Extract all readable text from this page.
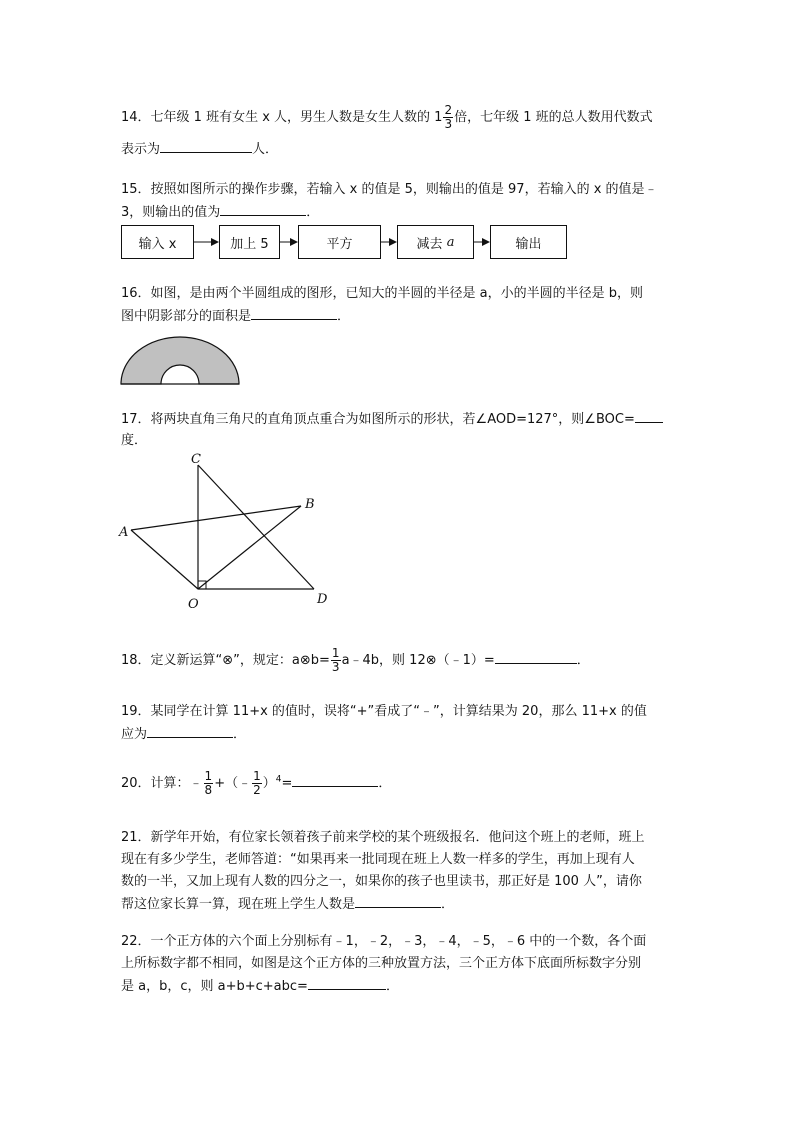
14．七年级 1 班有女生 x 人，男生人数是女生人数的 $1 \frac{2}{3}$ 倍，七年级 1 班的总人数用代数式
表示为	人．
15．按照如图所示的操作步骤，若输入 x 的值是 5，则输出的值是 97，若输入的 x 的值是﹣
3，则输出的值为	．
输入 x	加上 5	平方	减去
a	输出
16．如图，是由两个半圆组成的图形，已知大的半圆的半径是 a，小的半圆的半径是 b，则
图中阴影部分的面积是	．
17．将两块直角三角尺的直角顶点重合为如图所示的形状，若∠AOD=127°，则∠BOC=
度．
C
B
A
O	D
18．定义新运算“⊗”，规定：a⊗b= $\frac{1}{3}$ a﹣4b，则 12⊗（﹣1）=	．
19．某同学在计算 11+x 的值时，误将“+”看成了“﹣”，计算结果为 20，那么 11+x 的值
应为	．
20．计算：﹣ $\frac{1}{8}$ +（﹣ $\frac{1}{2} )^4=$	．
21．新学年开始，有位家长领着孩子前来学校的某个班级报名．他问这个班上的老师，班上
现在有多少学生，老师答道：“如果再来一批同现在班上人数一样多的学生，再加上现有人
数的一半，又加上现有人数的四分之一，如果你的孩子也里读书，那正好是 100 人”，请你
帮这位家长算一算，现在班上学生人数是	．
22．一个正方体的六个面上分别标有﹣1，﹣2，﹣3，﹣4，﹣5，﹣6 中的一个数，各个面
上所标数字都不相同，如图是这个正方体的三种放置方法，三个正方体下底面所标数字分别
是 a，b，c，则 a+b+c+abc=	．
